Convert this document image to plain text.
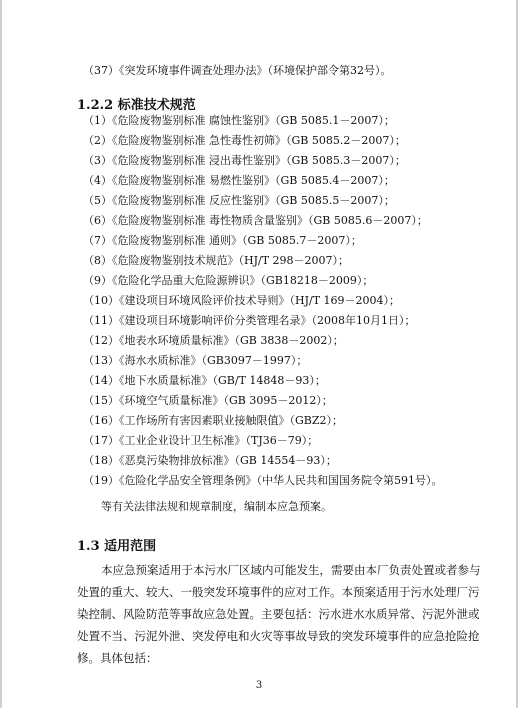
（37）《突发环境事件调查处理办法》（环境保护部令第32号）。
1.2.2 标准技术规范
（1）《危险废物鉴别标准 腐蚀性鉴别》（GB 5085.1－2007）；
（2）《危险废物鉴别标准 急性毒性初筛》（GB 5085.2－2007）；
（3）《危险废物鉴别标准 浸出毒性鉴别》（GB 5085.3－2007）；
（4）《危险废物鉴别标准 易燃性鉴别》（GB 5085.4－2007）；
（5）《危险废物鉴别标准 反应性鉴别》（GB 5085.5－2007）；
（6）《危险废物鉴别标准 毒性物质含量鉴别》（GB 5085.6－2007）；
（7）《危险废物鉴别标准 通则》（GB 5085.7－2007）；
（8）《危险废物鉴别技术规范》（HJ/T 298－2007）；
（9）《危险化学品重大危险源辨识》（GB18218－2009）；
（10）《建设项目环境风险评价技术导则》（HJ/T 169－2004）；
（11）《建设项目环境影响评价分类管理名录》（2008年10月1日）；
（12）《地表水环境质量标准》（GB 3838－2002）；
（13）《海水水质标准》（GB3097－1997）；
（14）《地下水质量标准》（GB/T 14848－93）；
（15）《环境空气质量标准》（GB 3095－2012）；
（16）《工作场所有害因素职业接触限值》（GBZ2）；
（17）《工业企业设计卫生标准》（TJ36－79）；
（18）《恶臭污染物排放标准》（GB 14554－93）；
（19）《危险化学品安全管理条例》（中华人民共和国国务院令第591号）。
等有关法律法规和规章制度，编制本应急预案。
1.3 适用范围
本应急预案适用于本污水厂区域内可能发生，需要由本厂负责处置或者参与
处置的重大、较大、一般突发环境事件的应对工作。本预案适用于污水处理厂污
染控制、风险防范等事故应急处置。主要包括：污水进水水质异常、污泥外泄或
处置不当、污泥外泄、突发停电和火灾等事故导致的突发环境事件的应急抢险抢
修。具体包括：
3
